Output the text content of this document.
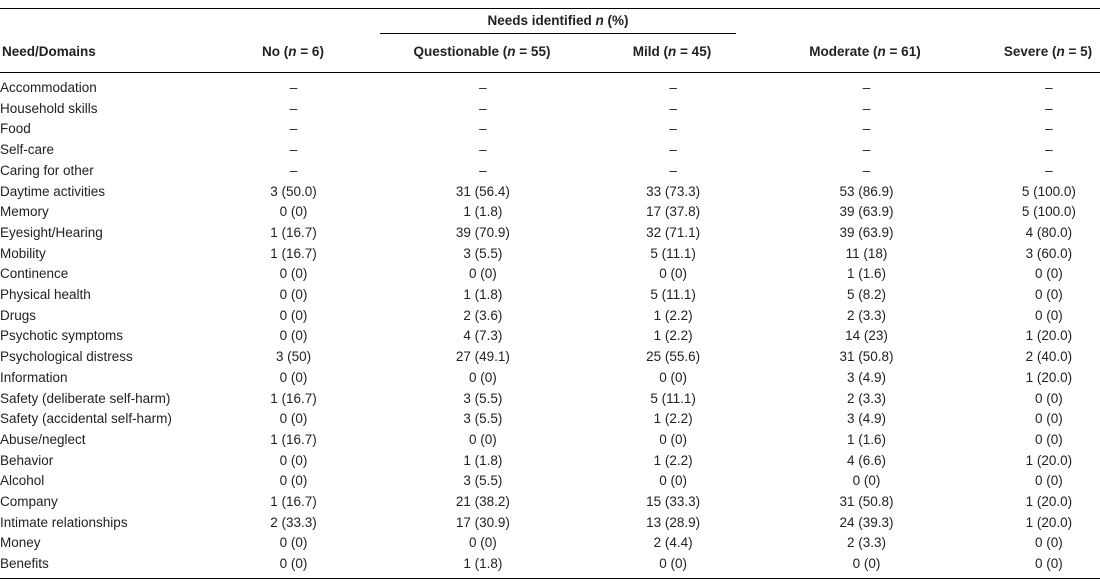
Needs identified n (%)
Need/Domains	No (n = 6)	Questionable (n = 55)	Mild (n = 45)	Moderate (n = 61)	Severe (n = 5)
Accommodation	–		–		–		–		–
Household skills	–		–		–		–		–
Food	–		–		–		–		–
Self-care	–		–		–		–		–
Caring for other	–		–		–		–		–
Daytime activities	3 (50.0)		31 (56.4)		33 (73.3)		53 (86.9)		5 (100.0)
Memory	0 (0)		1 (1.8)		17 (37.8)		39 (63.9)		5 (100.0)
Eyesight/Hearing	1 (16.7)		39 (70.9)		32 (71.1)		39 (63.9)		4 (80.0)
Mobility	1 (16.7)		3 (5.5)		5 (11.1)		11 (18)		3 (60.0)
Continence	0 (0)		0 (0)		0 (0)		1 (1.6)		0 (0)
Physical health	0 (0)		1 (1.8)		5 (11.1)		5 (8.2)		0 (0)
Drugs	0 (0)		2 (3.6)		1 (2.2)		2 (3.3)		0 (0)
Psychotic symptoms	0 (0)		4 (7.3)		1 (2.2)		14 (23)		1 (20.0)
Psychological distress	3 (50)		27 (49.1)		25 (55.6)		31 (50.8)		2 (40.0)
Information	0 (0)		0 (0)		0 (0)		3 (4.9)		1 (20.0)
Safety (deliberate self-harm)	1 (16.7)		3 (5.5)		5 (11.1)		2 (3.3)		0 (0)
Safety (accidental self-harm)	0 (0)		3 (5.5)		1 (2.2)		3 (4.9)		0 (0)
Abuse/neglect	1 (16.7)		0 (0)		0 (0)		1 (1.6)		0 (0)
Behavior	0 (0)		1 (1.8)		1 (2.2)		4 (6.6)		1 (20.0)
Alcohol	0 (0)		3 (5.5)		0 (0)		0 (0)		0 (0)
Company	1 (16.7)		21 (38.2)		15 (33.3)		31 (50.8)		1 (20.0)
Intimate relationships	2 (33.3)		17 (30.9)		13 (28.9)		24 (39.3)		1 (20.0)
Money	0 (0)		0 (0)		2 (4.4)		2 (3.3)		0 (0)
Benefits	0 (0)		1 (1.8)		0 (0)		0 (0)		0 (0)
